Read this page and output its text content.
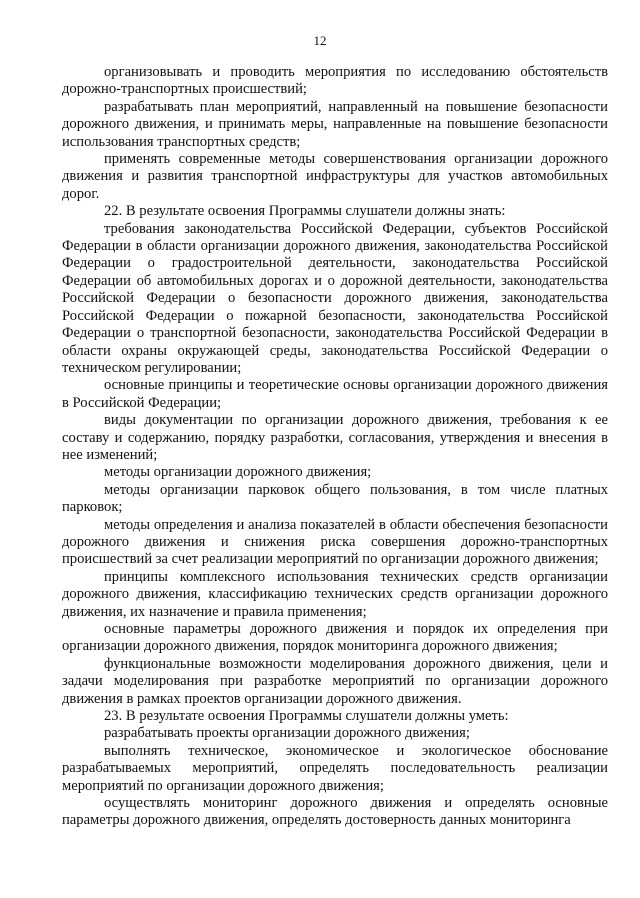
12

организовывать и проводить мероприятия по исследованию обстоятельств дорожно-транспортных происшествий;

разрабатывать план мероприятий, направленный на повышение безопасности дорожного движения, и принимать меры, направленные на повышение безопасности использования транспортных средств;

применять современные методы совершенствования организации дорожного движения и развития транспортной инфраструктуры для участков автомобильных дорог.

22. В результате освоения Программы слушатели должны знать:

требования законодательства Российской Федерации, субъектов Российской Федерации в области организации дорожного движения, законодательства Российской Федерации о градостроительной деятельности, законодательства Российской Федерации об автомобильных дорогах и о дорожной деятельности, законодательства Российской Федерации о безопасности дорожного движения, законодательства Российской Федерации о пожарной безопасности, законодательства Российской Федерации о транспортной безопасности, законодательства Российской Федерации в области охраны окружающей среды, законодательства Российской Федерации о техническом регулировании;

основные принципы и теоретические основы организации дорожного движения в Российской Федерации;

виды документации по организации дорожного движения, требования к ее составу и содержанию, порядку разработки, согласования, утверждения и внесения в нее изменений;

методы организации дорожного движения;

методы организации парковок общего пользования, в том числе платных парковок;

методы определения и анализа показателей в области обеспечения безопасности дорожного движения и снижения риска совершения дорожно-транспортных происшествий за счет реализации мероприятий по организации дорожного движения;

принципы комплексного использования технических средств организации дорожного движения, классификацию технических средств организации дорожного движения, их назначение и правила применения;

основные параметры дорожного движения и порядок их определения при организации дорожного движения, порядок мониторинга дорожного движения;

функциональные возможности моделирования дорожного движения, цели и задачи моделирования при разработке мероприятий по организации дорожного движения в рамках проектов организации дорожного движения.

23. В результате освоения Программы слушатели должны уметь:

разрабатывать проекты организации дорожного движения;

выполнять техническое, экономическое и экологическое обоснование разрабатываемых мероприятий, определять последовательность реализации мероприятий по организации дорожного движения;

осуществлять мониторинг дорожного движения и определять основные параметры дорожного движения, определять достоверность данных мониторинга
